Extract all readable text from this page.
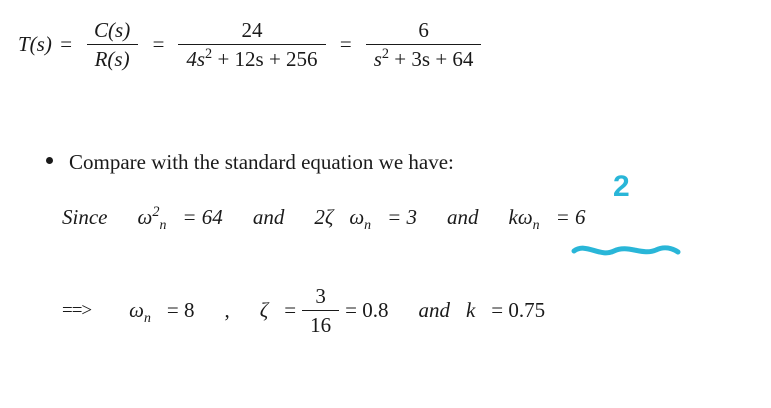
$T(s) = \frac{C(s)}{R(s)} = \frac{24}{4s^2 + 12s + 256} = \frac{6}{s^2 + 3s + 64}$
Compare with the standard equation we have:
Since $\omega^2_n = 64$ and 2ζ $\omega_n = 3$ and $k\omega_n = 6$
==> $\omega_n = 8$ , $\zeta = \frac{3}{16} = 0.8$ and k = 0.75
2
